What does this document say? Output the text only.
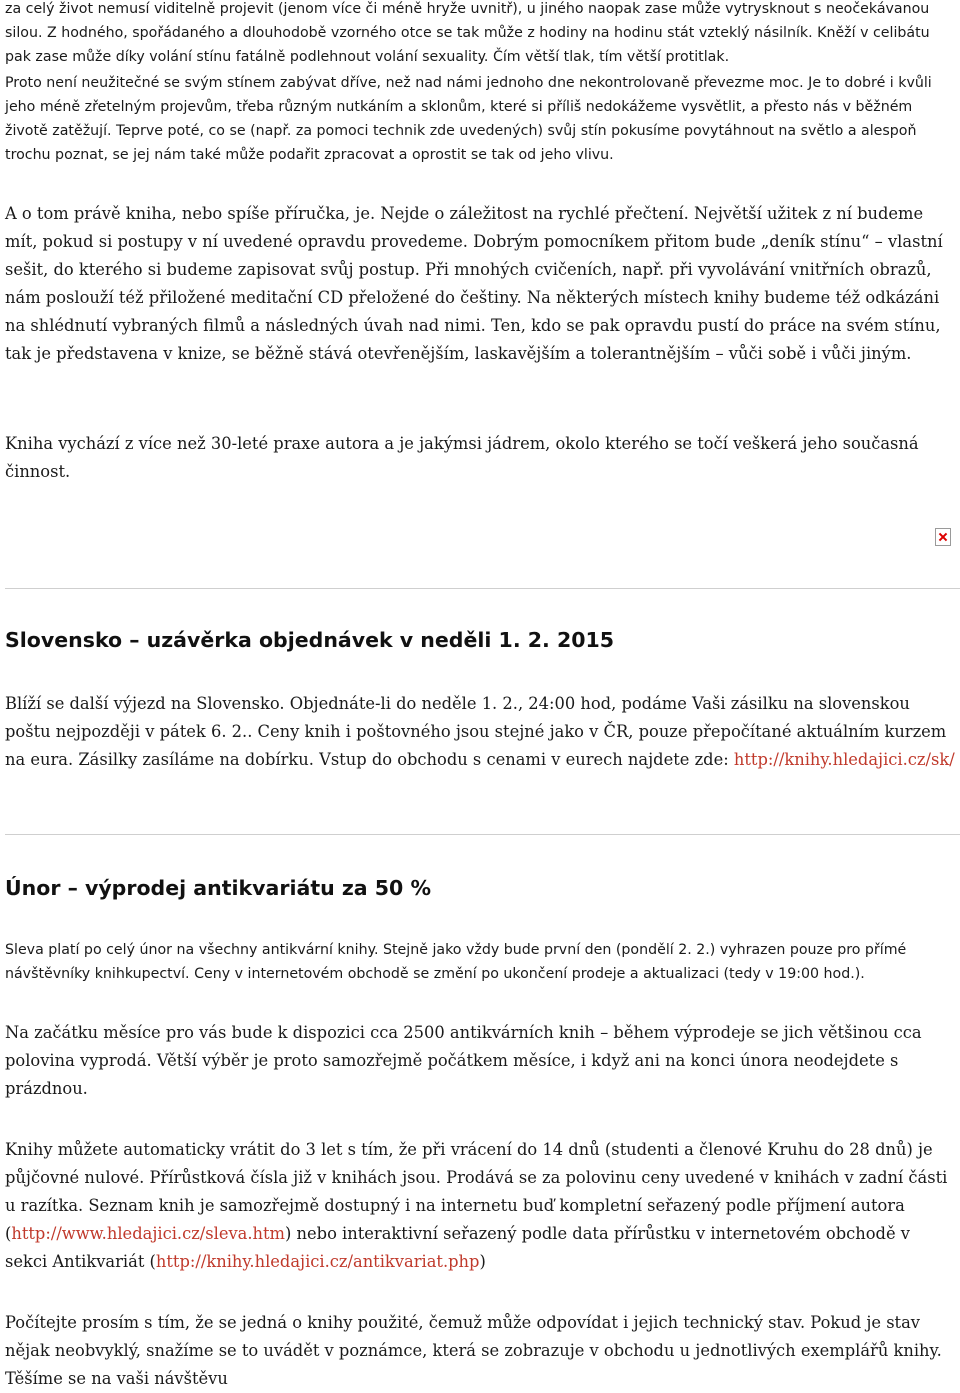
za celý život nemusí viditelně projevit (jenom více či méně hryže uvnitř), u jiného naopak zase může vytrysknout s neočekávanou silou. Z hodného, spořádaného a dlouhodobě vzorného otce se tak může z hodiny na hodinu stát vzteklý násilník. Kněží v celibátu pak zase může díky volání stínu fatálně podlehnout volání sexuality. Čím větší tlak, tím větší protitlak.

Proto není neužitečné se svým stínem zabývat dříve, než nad námi jednoho dne nekontrolovaně převezme moc. Je to dobré i kvůli jeho méně zřetelným projevům, třeba různým nutkáním a sklonům, které si příliš nedokážeme vysvětlit, a přesto nás v běžném životě zatěžují. Teprve poté, co se (např. za pomoci technik zde uvedených) svůj stín pokusíme povytáhnout na světlo a alespoň trochu poznat, se jej nám také může podařit zpracovat a oprostit se tak od jeho vlivu.

A o tom právě kniha, nebo spíše příručka, je. Nejde o záležitost na rychlé přečtení. Největší užitek z ní budeme mít, pokud si postupy v ní uvedené opravdu provedeme. Dobrým pomocníkem přitom bude „deník stínu“ – vlastní sešit, do kterého si budeme zapisovat svůj postup. Při mnohých cvičeních, např. při vyvolávání vnitřních obrazů, nám poslouží též přiložené meditační CD přeložené do češtiny. Na některých místech knihy budeme též odkázáni na shlédnutí vybraných filmů a následných úvah nad nimi. Ten, kdo se pak opravdu pustí do práce na svém stínu, tak je představena v knize, se běžně stává otevřenějším, laskavějším a tolerantnějším – vůči sobě i vůči jiným.

Kniha vychází z více než 30-leté praxe autora a je jakýmsi jádrem, okolo kterého se točí veškerá jeho současná činnost.

Slovensko – uzávěrka objednávek v neděli 1. 2. 2015

Blíží se další výjezd na Slovensko. Objednáte-li do neděle 1. 2., 24:00 hod, podáme Vaši zásilku na slovenskou poštu nejpozději v pátek 6. 2.. Ceny knih i poštovného jsou stejné jako v ČR, pouze přepočítané aktuálním kurzem na eura. Zásilky zasíláme na dobírku. Vstup do obchodu s cenami v eurech najdete zde: http://knihy.hledajici.cz/sk/

Únor – výprodej antikvariátu za 50 %

Sleva platí po celý únor na všechny antikvární knihy. Stejně jako vždy bude první den (pondělí 2. 2.) vyhrazen pouze pro přímé návštěvníky knihkupectví. Ceny v internetovém obchodě se změní po ukončení prodeje a aktualizaci (tedy v 19:00 hod.).

Na začátku měsíce pro vás bude k dispozici cca 2500 antikvárních knih – během výprodeje se jich většinou cca polovina vyprodá. Větší výběr je proto samozřejmě počátkem měsíce, i když ani na konci února neodejdete s prázdnou.

Knihy můžete automaticky vrátit do 3 let s tím, že při vrácení do 14 dnů (studenti a členové Kruhu do 28 dnů) je půjčovné nulové. Přírůstková čísla již v knihách jsou. Prodává se za polovinu ceny uvedené v knihách v zadní části u razítka. Seznam knih je samozřejmě dostupný i na internetu buď kompletní seřazený podle příjmení autora (http://www.hledajici.cz/sleva.htm) nebo interaktivní seřazený podle data přírůstku v internetovém obchodě v sekci Antikvariát (http://knihy.hledajici.cz/antikvariat.php)

Počítejte prosím s tím, že se jedná o knihy použité, čemuž může odpovídat i jejich technický stav. Pokud je stav nějak neobvyklý, snažíme se to uvádět v poznámce, která se zobrazuje v obchodu u jednotlivých exemplářů knihy. Těšíme se na vaši návštěvu
